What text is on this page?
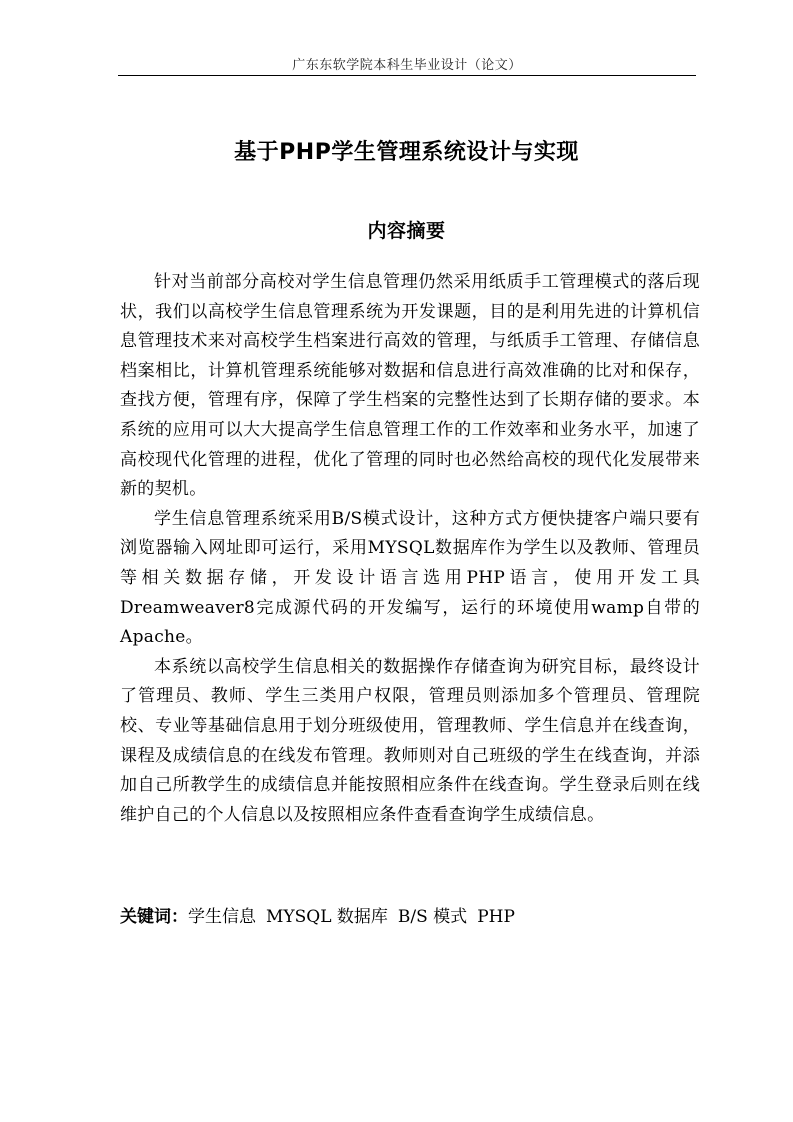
广东东软学院本科生毕业设计（论文）
基于PHP学生管理系统设计与实现
内容摘要

针对当前部分高校对学生信息管理仍然采用纸质手工管理模式的落后现状，我们以高校学生信息管理系统为开发课题，目的是利用先进的计算机信息管理技术来对高校学生档案进行高效的管理，与纸质手工管理、存储信息档案相比，计算机管理系统能够对数据和信息进行高效准确的比对和保存，查找方便，管理有序，保障了学生档案的完整性达到了长期存储的要求。本系统的应用可以大大提高学生信息管理工作的工作效率和业务水平，加速了高校现代化管理的进程，优化了管理的同时也必然给高校的现代化发展带来新的契机。

学生信息管理系统采用B/S模式设计，这种方式方便快捷客户端只要有浏览器输入网址即可运行，采用MYSQL数据库作为学生以及教师、管理员等相关数据存储，开发设计语言选用PHP语言，使用开发工具Dreamweaver8完成源代码的开发编写，运行的环境使用wamp自带的Apache。

本系统以高校学生信息相关的数据操作存储查询为研究目标，最终设计了管理员、教师、学生三类用户权限，管理员则添加多个管理员、管理院校、专业等基础信息用于划分班级使用，管理教师、学生信息并在线查询，课程及成绩信息的在线发布管理。教师则对自己班级的学生在线查询，并添加自己所教学生的成绩信息并能按照相应条件在线查询。学生登录后则在线维护自己的个人信息以及按照相应条件查看查询学生成绩信息。

关键词：学生信息 MYSQL 数据库 B/S 模式 PHP
